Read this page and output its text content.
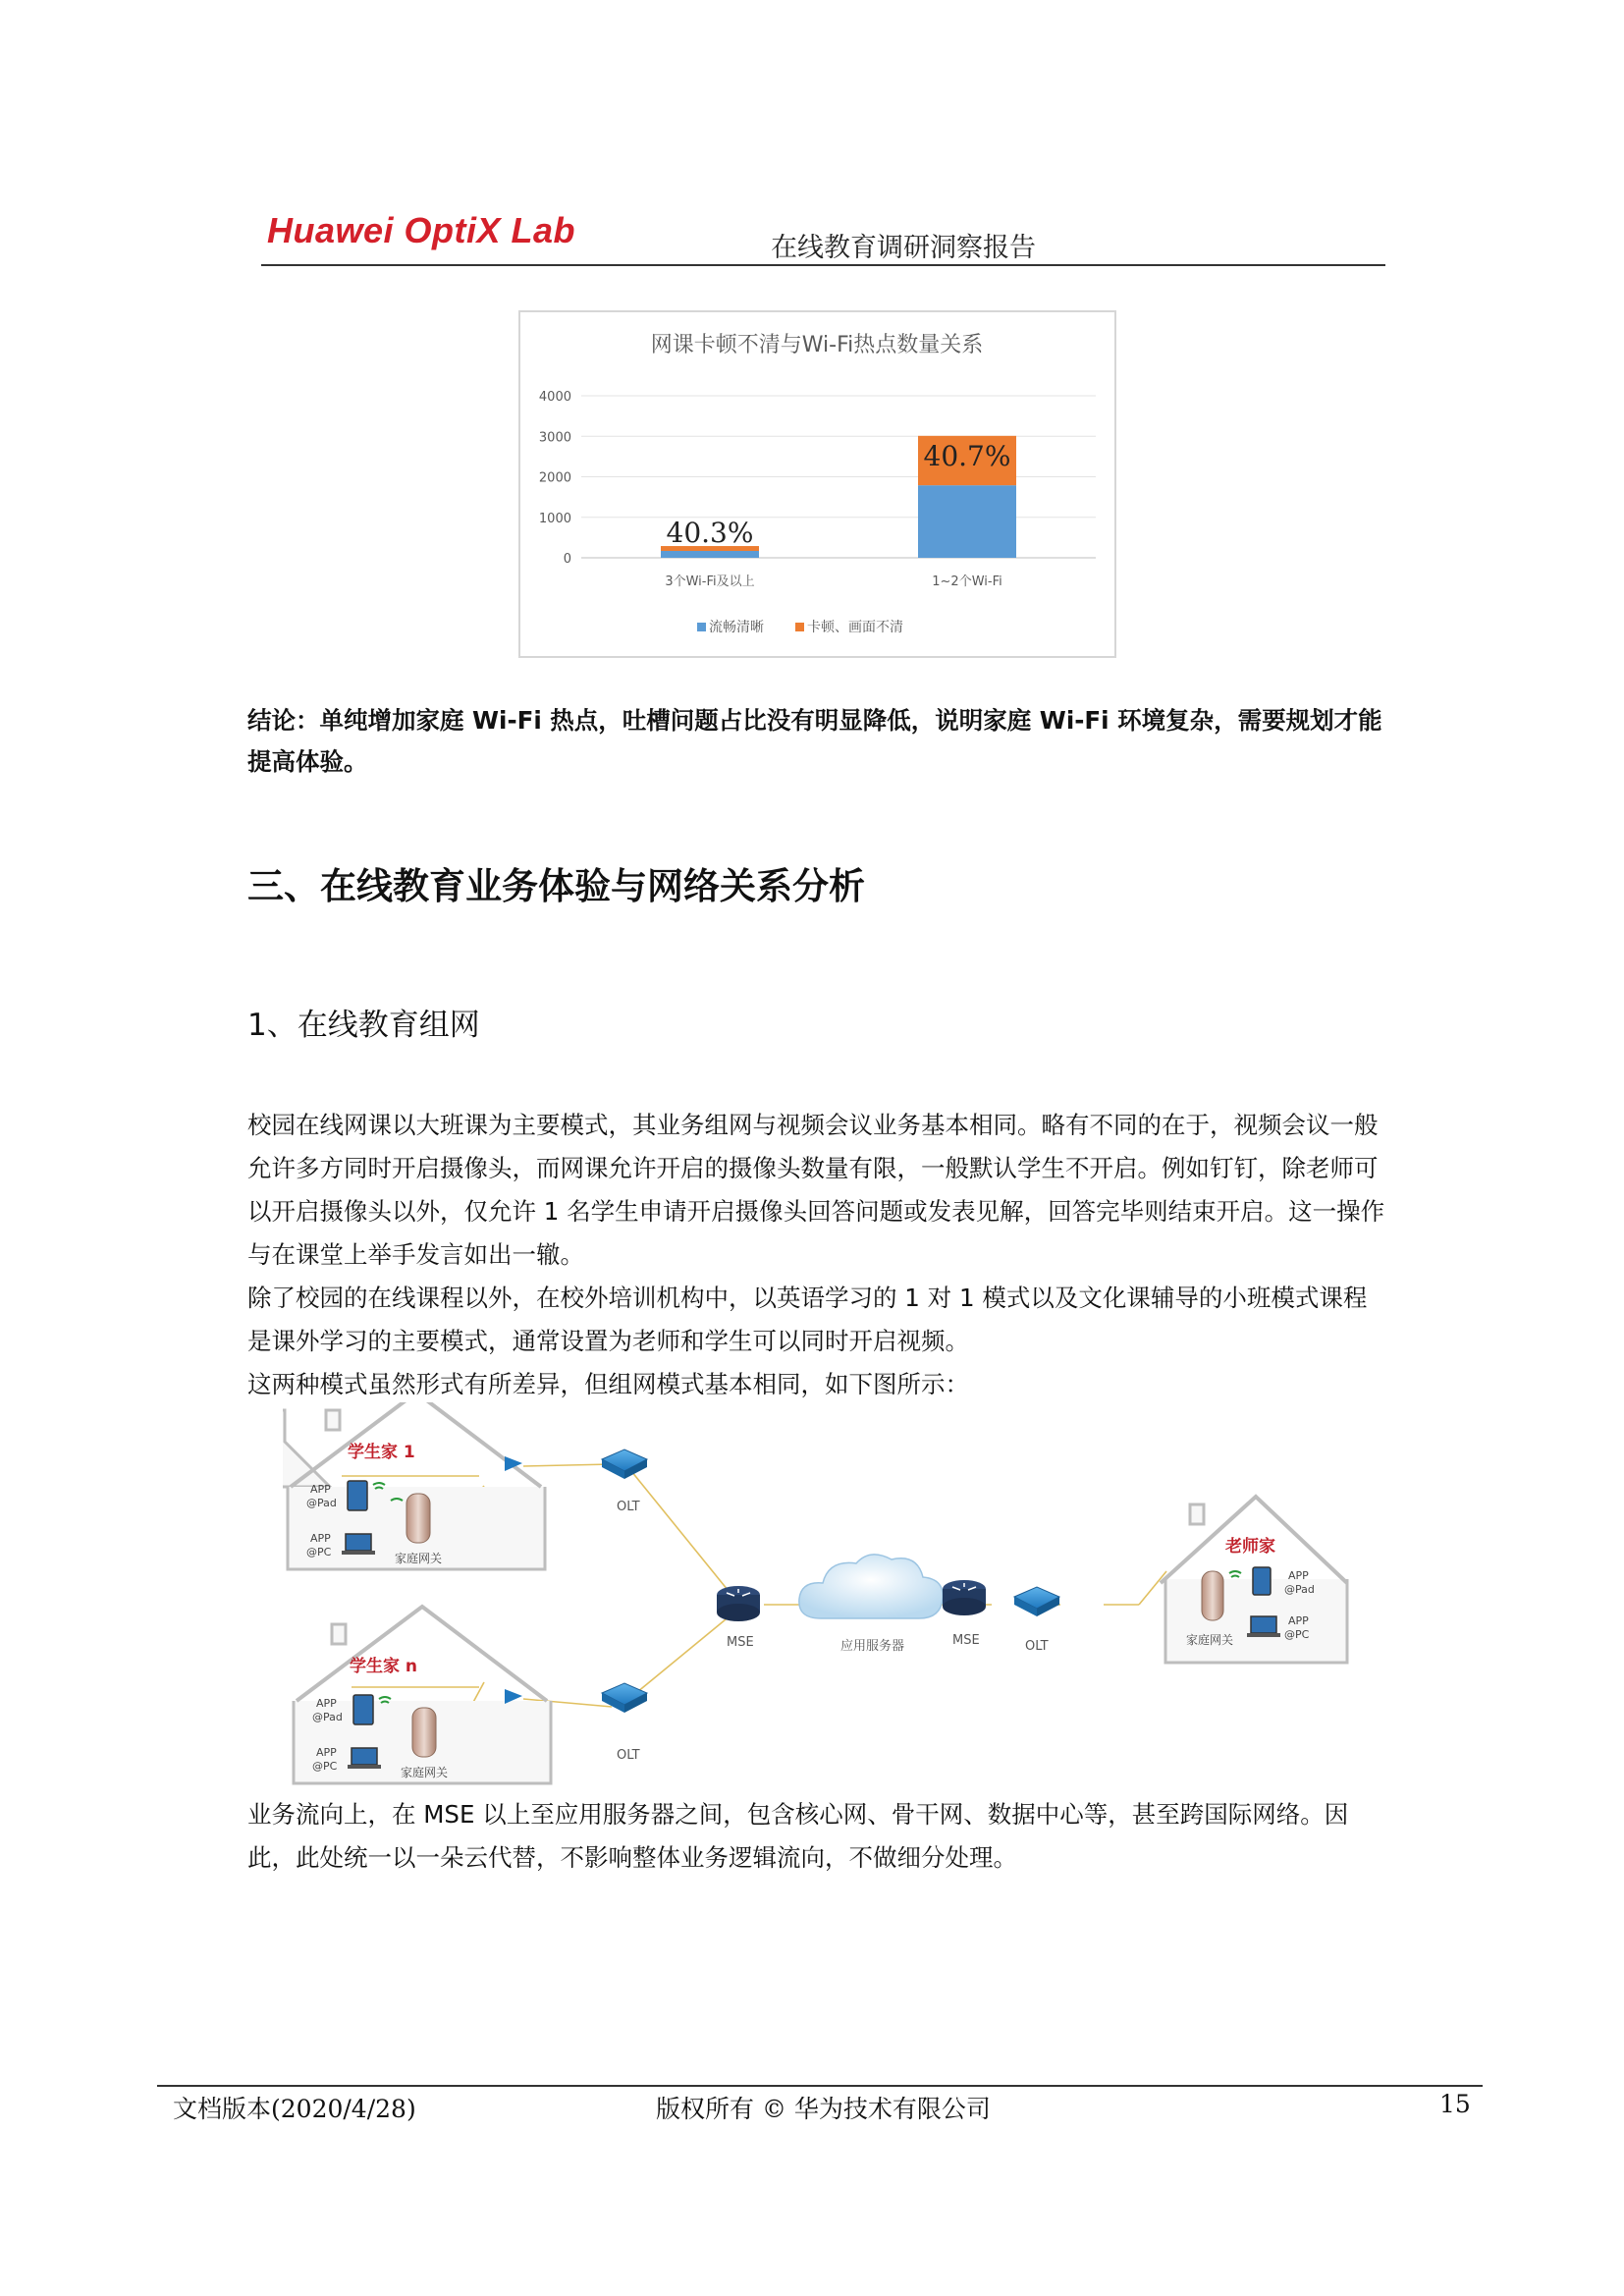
Huawei OptiX Lab	在线教育调研洞察报告
网课卡顿不清与Wi-Fi热点数量关系
0
1000
2000
3000
4000
40.3%
40.7%
3个Wi-Fi及以上	1~2个Wi-Fi
流畅清晰	卡顿、画面不清
结论：单纯增加家庭 Wi-Fi 热点，吐槽问题占比没有明显降低，说明家庭 Wi-Fi 环境复杂，需要规划才能提高体验。
三、在线教育业务体验与网络关系分析
1、在线教育组网

校园在线网课以大班课为主要模式，其业务组网与视频会议业务基本相同。略有不同的在于，视频会议一般允许多方同时开启摄像头，而网课允许开启的摄像头数量有限，一般默认学生不开启。例如钉钉，除老师可以开启摄像头以外，仅允许 1 名学生申请开启摄像头回答问题或发表见解，回答完毕则结束开启。这一操作与在课堂上举手发言如出一辙。

除了校园的在线课程以外，在校外培训机构中，以英语学习的 1 对 1 模式以及文化课辅导的小班模式课程是课外学习的主要模式，通常设置为老师和学生可以同时开启视频。

这两种模式虽然形式有所差异，但组网模式基本相同，如下图所示：

学生家 1
APP
@Pad
APP
@PC	家庭网关
学生家 n
APP
@Pad
APP
@PC	家庭网关
OLT
OLT
MSE	应用服务器	MSE	OLT
老师家
APP
@Pad
APP
@PC
家庭网关
业务流向上，在 MSE 以上至应用服务器之间，包含核心网、骨干网、数据中心等，甚至跨国际网络。因此，此处统一以一朵云代替，不影响整体业务逻辑流向，不做细分处理。
文档版本(2020/4/28)	版权所有 © 华为技术有限公司	15
